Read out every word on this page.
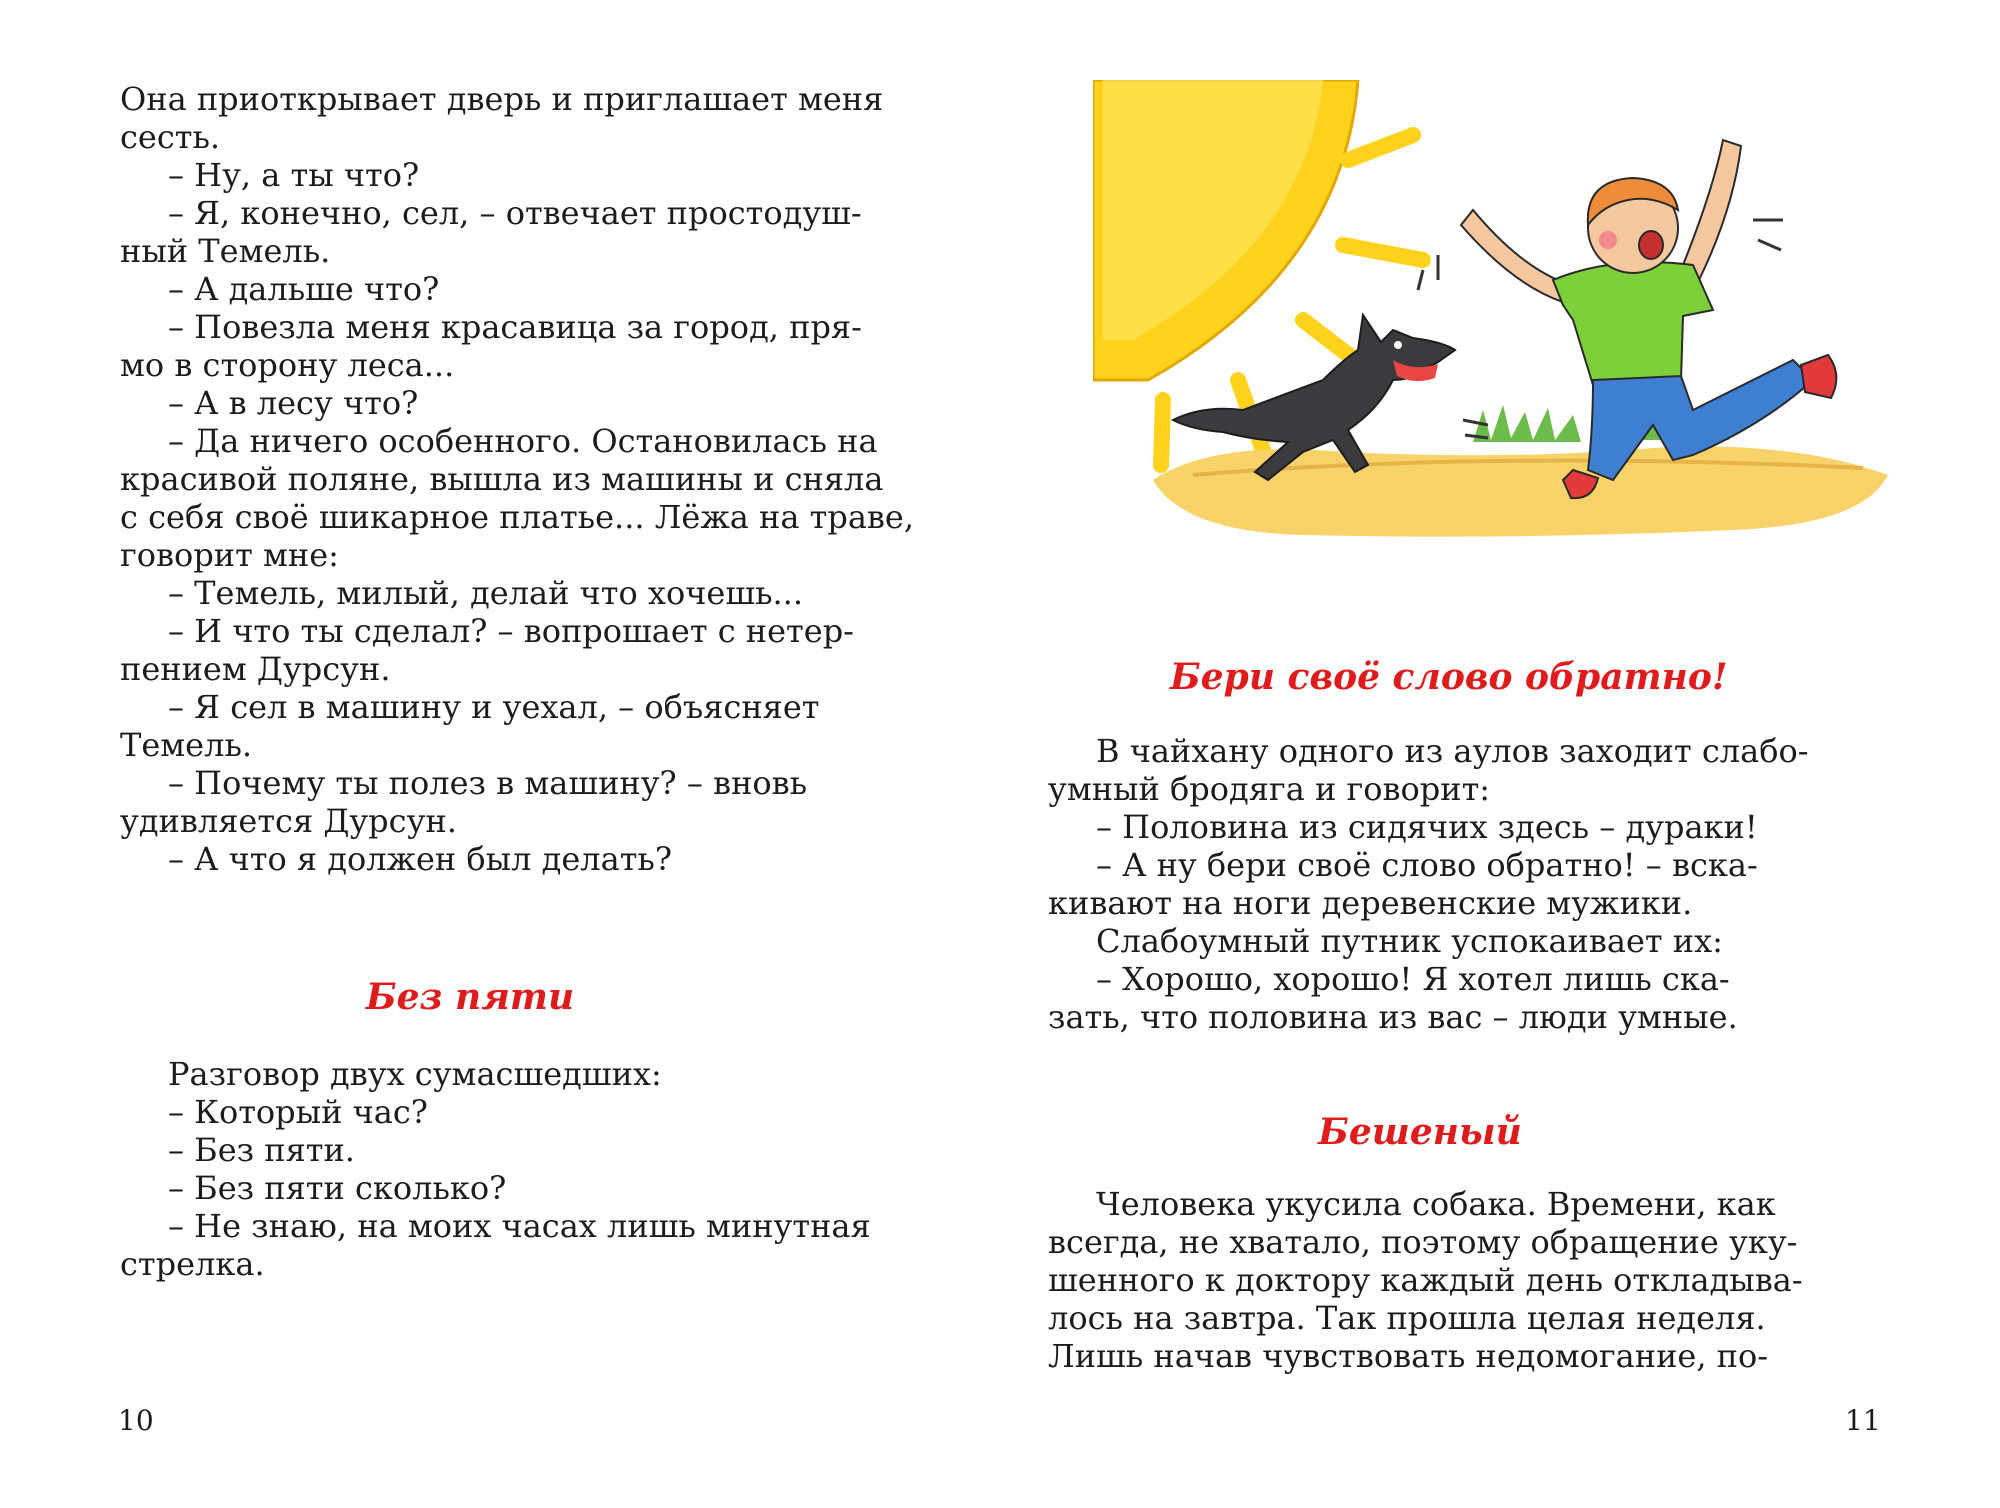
Она приоткрывает дверь и приглашает меня

сесть.

– Ну, а ты что?

– Я, конечно, сел, – отвечает простодуш-

ный Темель.

– А дальше что?

– Повезла меня красавица за город, пря-

мо в сторону леса...

– А в лесу что?

– Да ничего особенного. Остановилась на

красивой поляне, вышла из машины и сняла

с себя своё шикарное платье... Лёжа на траве,

говорит мне:

– Темель, милый, делай что хочешь...

– И что ты сделал? – вопрошает с нетер-

пением Дурсун.

– Я сел в машину и уехал, – объясняет

Темель.

– Почему ты полез в машину? – вновь

удивляется Дурсун.

– А что я должен был делать?

Без пяти

Разговор двух сумасшедших:

– Который час?

– Без пяти.

– Без пяти сколько?

– Не знаю, на моих часах лишь минутная

стрелка.

10
Бери своё слово обратно!

В чайхану одного из аулов заходит слабо-

умный бродяга и говорит:

– Половина из сидячих здесь – дураки!

– А ну бери своё слово обратно! – вска-

кивают на ноги деревенские мужики.

Слабоумный путник успокаивает их:

– Хорошо, хорошо! Я хотел лишь ска-

зать, что половина из вас – люди умные.

Бешеный

Человека укусила собака. Времени, как

всегда, не хватало, поэтому обращение уку-

шенного к доктору каждый день откладыва-

лось на завтра. Так прошла целая неделя.

Лишь начав чувствовать недомогание, по-

11
